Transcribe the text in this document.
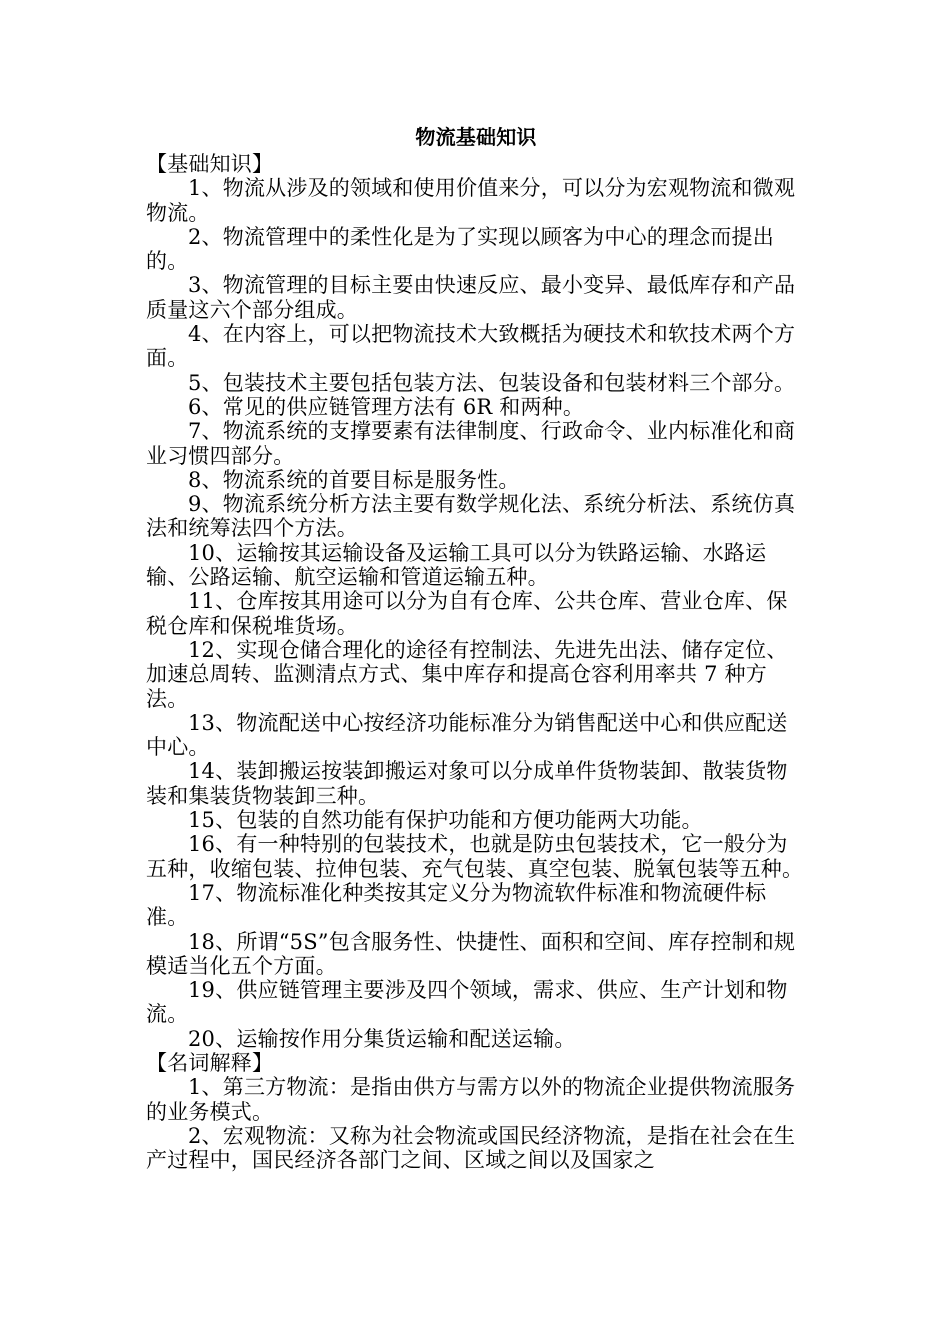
物流基础知识
【基础知识】

1、物流从涉及的领域和使用价值来分，可以分为宏观物流和微观物流。

2、物流管理中的柔性化是为了实现以顾客为中心的理念而提出的。

3、物流管理的目标主要由快速反应、最小变异、最低库存和产品质量这六个部分组成。

4、在内容上，可以把物流技术大致概括为硬技术和软技术两个方面。

5、包装技术主要包括包装方法、包装设备和包装材料三个部分。

6、常见的供应链管理方法有 6R 和两种。

7、物流系统的支撑要素有法律制度、行政命令、业内标准化和商业习惯四部分。

8、物流系统的首要目标是服务性。

9、物流系统分析方法主要有数学规化法、系统分析法、系统仿真法和统筹法四个方法。

10、运输按其运输设备及运输工具可以分为铁路运输、水路运输、公路运输、航空运输和管道运输五种。

11、仓库按其用途可以分为自有仓库、公共仓库、营业仓库、保税仓库和保税堆货场。

12、实现仓储合理化的途径有控制法、先进先出法、储存定位、加速总周转、监测清点方式、集中库存和提高仓容利用率共 7 种方法。

13、物流配送中心按经济功能标准分为销售配送中心和供应配送中心。

14、装卸搬运按装卸搬运对象可以分成单件货物装卸、散装货物装和集装货物装卸三种。

15、包装的自然功能有保护功能和方便功能两大功能。

16、有一种特别的包装技术，也就是防虫包装技术，它一般分为五种，收缩包装、拉伸包装、充气包装、真空包装、脱氧包装等五种。

17、物流标准化种类按其定义分为物流软件标准和物流硬件标准。

18、所谓“5S”包含服务性、快捷性、面积和空间、库存控制和规模适当化五个方面。

19、供应链管理主要涉及四个领域，需求、供应、生产计划和物流。

20、运输按作用分集货运输和配送运输。

【名词解释】

1、第三方物流：是指由供方与需方以外的物流企业提供物流服务的业务模式。

2、宏观物流：又称为社会物流或国民经济物流，是指在社会在生产过程中，国民经济各部门之间、区域之间以及国家之
